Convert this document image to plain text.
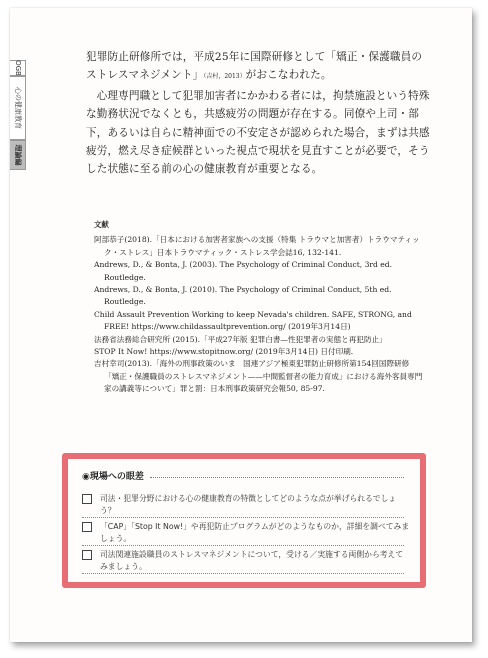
OGB
心の健康教育
理論編

犯罪防止研修所では，平成25年に国際研修として「矯正・保護職員のストレスマネジメント」（吉村，2013）がおこなわれた。

心理専門職として犯罪加害者にかかわる者には，拘禁施設という特殊な勤務状況でなくとも，共感疲労の問題が存在する。同僚や上司・部下，あるいは自らに精神面での不安定さが認められた場合，まずは共感疲労，燃え尽き症候群といった視点で現状を見直すことが必要で，そうした状態に至る前の心の健康教育が重要となる。

文献
阿部恭子(2018).「日本における加害者家族への支援（特集 トラウマと加害者）トラウマティック・ストレス」日本トラウマティック・ストレス学会誌16, 132-141.
Andrews, D., & Bonta, J. (2003). The Psychology of Criminal Conduct, 3rd ed. Routledge.
Andrews, D., & Bonta, J. (2010). The Psychology of Criminal Conduct, 5th ed. Routledge.
Child Assault Prevention Working to keep Nevada's children. SAFE, STRONG, and FREE! https://www.childassaultprevention.org/ (2019年3月14日)
法務省法務総合研究所 (2015).「平成27年版 犯罪白書—性犯罪者の実態と再犯防止」
STOP It Now! https://www.stopitnow.org/ (2019年3月14日) 日付印刷.
吉村幸司(2013).「海外の刑事政策のいま　国連アジア極東犯罪防止研修所第154回国際研修「矯正・保護職員のストレスマネジメント——中間監督者の能力育成」における海外客員専門家の講義等について」罪と罰：日本刑事政策研究会報50, 85-97.
◉現場への眼差
司法・犯罪分野における心の健康教育の特徴としてどのような点が挙げられるでしょう？
「CAP」「Stop It Now!」や再犯防止プログラムがどのようなものか，詳細を調べてみましょう。
司法関連施設職員のストレスマネジメントについて，受ける／実施する両側から考えてみましょう。
